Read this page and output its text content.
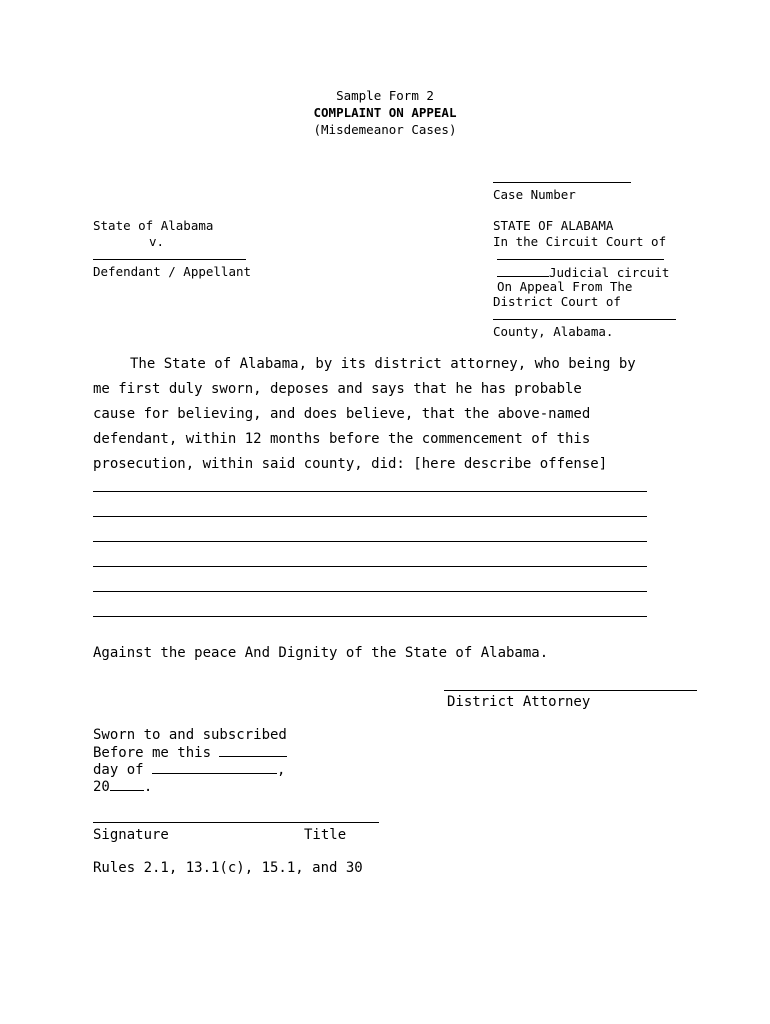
Sample Form 2
COMPLAINT ON APPEAL
(Misdemeanor Cases)
Case Number
State of Alabama
v.
Defendant / Appellant
STATE OF ALABAMA
In the Circuit Court of
Judicial circuit
On Appeal From The
District Court of
County, Alabama.
The State of Alabama, by its district attorney, who being by
me first duly sworn, deposes and says that he has probable
cause for believing, and does believe, that the above-named
defendant, within 12 months before the commencement of this
prosecution, within said county, did: [here describe offense]
Against the peace And Dignity of the State of Alabama.
District Attorney
Sworn to and subscribed
Before me this
day of	,
20 .
Signature	Title
Rules 2.1, 13.1(c), 15.1, and 30
